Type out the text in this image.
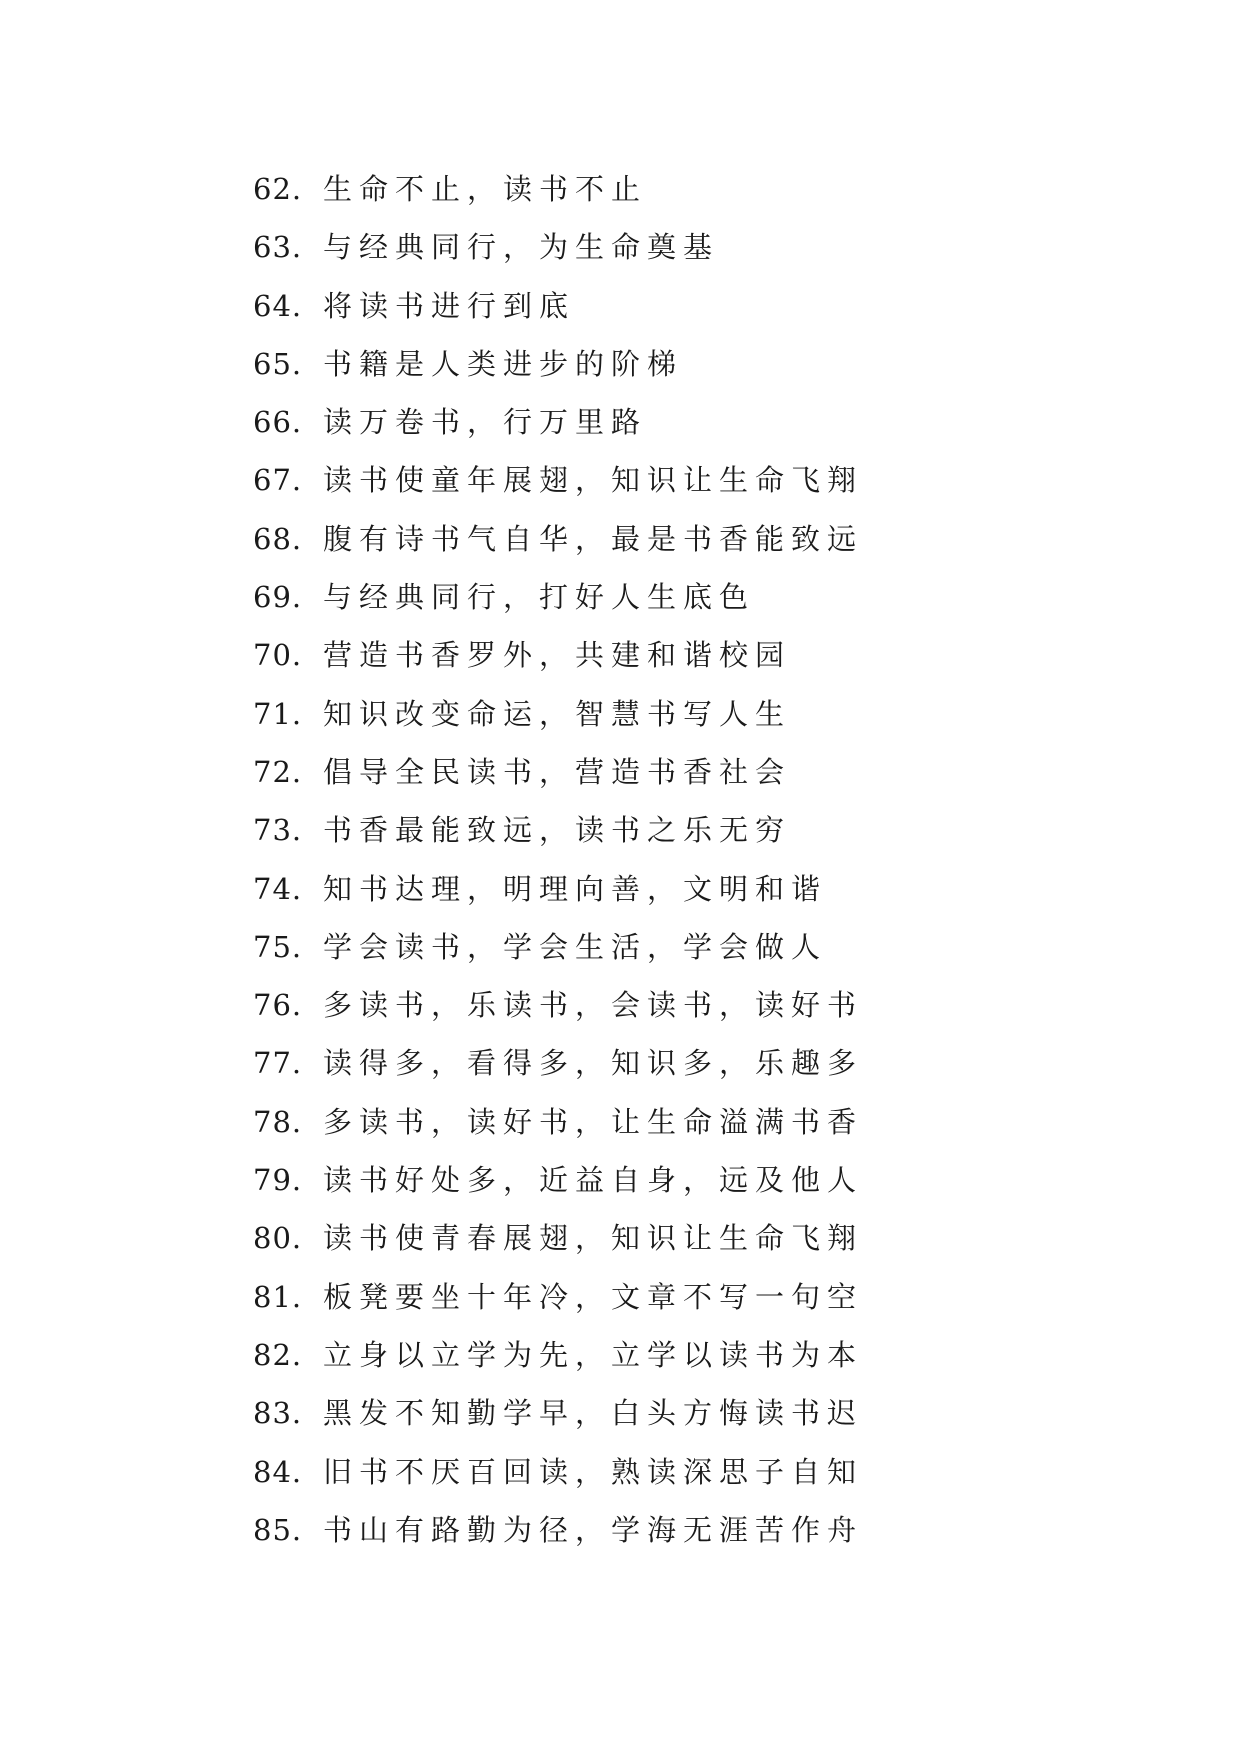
62. 生命不止，读书不止
63. 与经典同行，为生命奠基
64. 将读书进行到底
65. 书籍是人类进步的阶梯
66. 读万卷书，行万里路
67. 读书使童年展翅，知识让生命飞翔
68. 腹有诗书气自华，最是书香能致远
69. 与经典同行，打好人生底色
70. 营造书香罗外，共建和谐校园
71. 知识改变命运，智慧书写人生
72. 倡导全民读书，营造书香社会
73. 书香最能致远，读书之乐无穷
74. 知书达理，明理向善，文明和谐
75. 学会读书，学会生活，学会做人
76. 多读书，乐读书，会读书，读好书
77. 读得多，看得多，知识多，乐趣多
78. 多读书，读好书，让生命溢满书香
79. 读书好处多，近益自身，远及他人
80. 读书使青春展翅，知识让生命飞翔
81. 板凳要坐十年冷，文章不写一句空
82. 立身以立学为先，立学以读书为本
83. 黑发不知勤学早，白头方悔读书迟
84. 旧书不厌百回读，熟读深思子自知
85. 书山有路勤为径，学海无涯苦作舟
